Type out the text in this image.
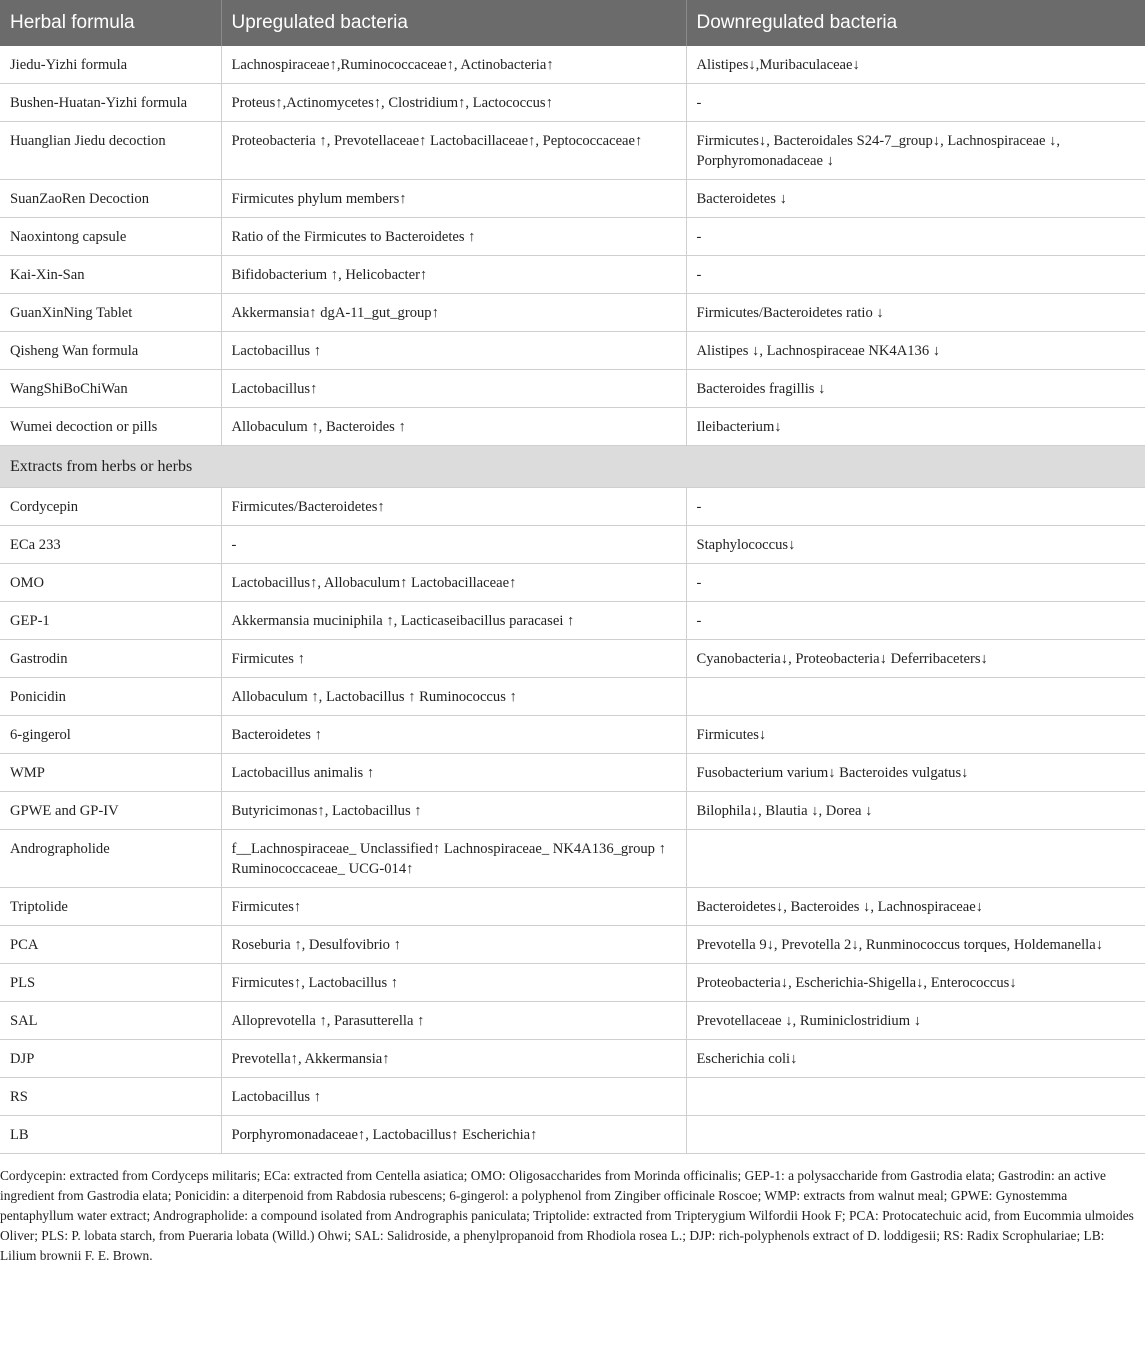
Herbal formula	Upregulated bacteria	Downregulated bacteria
Jiedu-Yizhi formula	Lachnospiraceae↑,Ruminococcaceae↑, Actinobacteria↑	Alistipes↓,Muribaculaceae↓
Bushen-Huatan-Yizhi formula	Proteus↑,Actinomycetes↑, Clostridium↑, Lactococcus↑	-
Huanglian Jiedu decoction	Proteobacteria ↑, Prevotellaceae↑ Lactobacillaceae↑, Peptococcaceae↑	Firmicutes↓, Bacteroidales S24-7_group↓, Lachnospiraceae ↓, Porphyromonadaceae ↓
SuanZaoRen Decoction	Firmicutes phylum members↑	Bacteroidetes ↓
Naoxintong capsule	Ratio of the Firmicutes to Bacteroidetes ↑	-
Kai-Xin-San	Bifidobacterium ↑, Helicobacter↑	-
GuanXinNing Tablet	Akkermansia↑ dgA-11_gut_group↑	Firmicutes/Bacteroidetes ratio ↓
Qisheng Wan formula	Lactobacillus ↑	Alistipes ↓, Lachnospiraceae NK4A136 ↓
WangShiBoChiWan	Lactobacillus↑	Bacteroides fragillis ↓
Wumei decoction or pills	Allobaculum ↑, Bacteroides ↑	Ileibacterium↓
Extracts from herbs or herbs		
Cordycepin	Firmicutes/Bacteroidetes↑	-
ECa 233	-	Staphylococcus↓
OMO	Lactobacillus↑, Allobaculum↑ Lactobacillaceae↑	-
GEP-1	Akkermansia muciniphila ↑, Lacticaseibacillus paracasei ↑	-
Gastrodin	Firmicutes ↑	Cyanobacteria↓, Proteobacteria↓ Deferribaceters↓
Ponicidin	Allobaculum ↑, Lactobacillus ↑ Ruminococcus ↑	
6-gingerol	Bacteroidetes ↑	Firmicutes↓
WMP	Lactobacillus animalis ↑	Fusobacterium varium↓ Bacteroides vulgatus↓
GPWE and GP-IV	Butyricimonas↑, Lactobacillus ↑	Bilophila↓, Blautia ↓, Dorea ↓
Andrographolide	f__Lachnospiraceae_ Unclassified↑ Lachnospiraceae_ NK4A136_group ↑ Ruminococcaceae_ UCG-014↑	
Triptolide	Firmicutes↑	Bacteroidetes↓, Bacteroides ↓, Lachnospiraceae↓
PCA	Roseburia ↑, Desulfovibrio ↑	Prevotella 9↓, Prevotella 2↓, Runminococcus torques, Holdemanella↓
PLS	Firmicutes↑, Lactobacillus ↑	Proteobacteria↓, Escherichia-Shigella↓, Enterococcus↓
SAL	Alloprevotella ↑, Parasutterella ↑	Prevotellaceae ↓, Ruminiclostridium ↓
DJP	Prevotella↑, Akkermansia↑	Escherichia coli↓
RS	Lactobacillus ↑	
LB	Porphyromonadaceae↑, Lactobacillus↑ Escherichia↑	
Cordycepin: extracted from Cordyceps militaris; ECa: extracted from Centella asiatica; OMO: Oligosaccharides from Morinda officinalis; GEP-1: a polysaccharide from Gastrodia elata; Gastrodin: an active ingredient from Gastrodia elata; Ponicidin: a diterpenoid from Rabdosia rubescens; 6-gingerol: a polyphenol from Zingiber officinale Roscoe; WMP: extracts from walnut meal; GPWE: Gynostemma pentaphyllum water extract; Andrographolide: a compound isolated from Andrographis paniculata; Triptolide: extracted from Tripterygium Wilfordii Hook F; PCA: Protocatechuic acid, from Eucommia ulmoides Oliver; PLS: P. lobata starch, from Pueraria lobata (Willd.) Ohwi; SAL: Salidroside, a phenylpropanoid from Rhodiola rosea L.; DJP: rich-polyphenols extract of D. loddigesii; RS: Radix Scrophulariae; LB: Lilium brownii F. E. Brown.
